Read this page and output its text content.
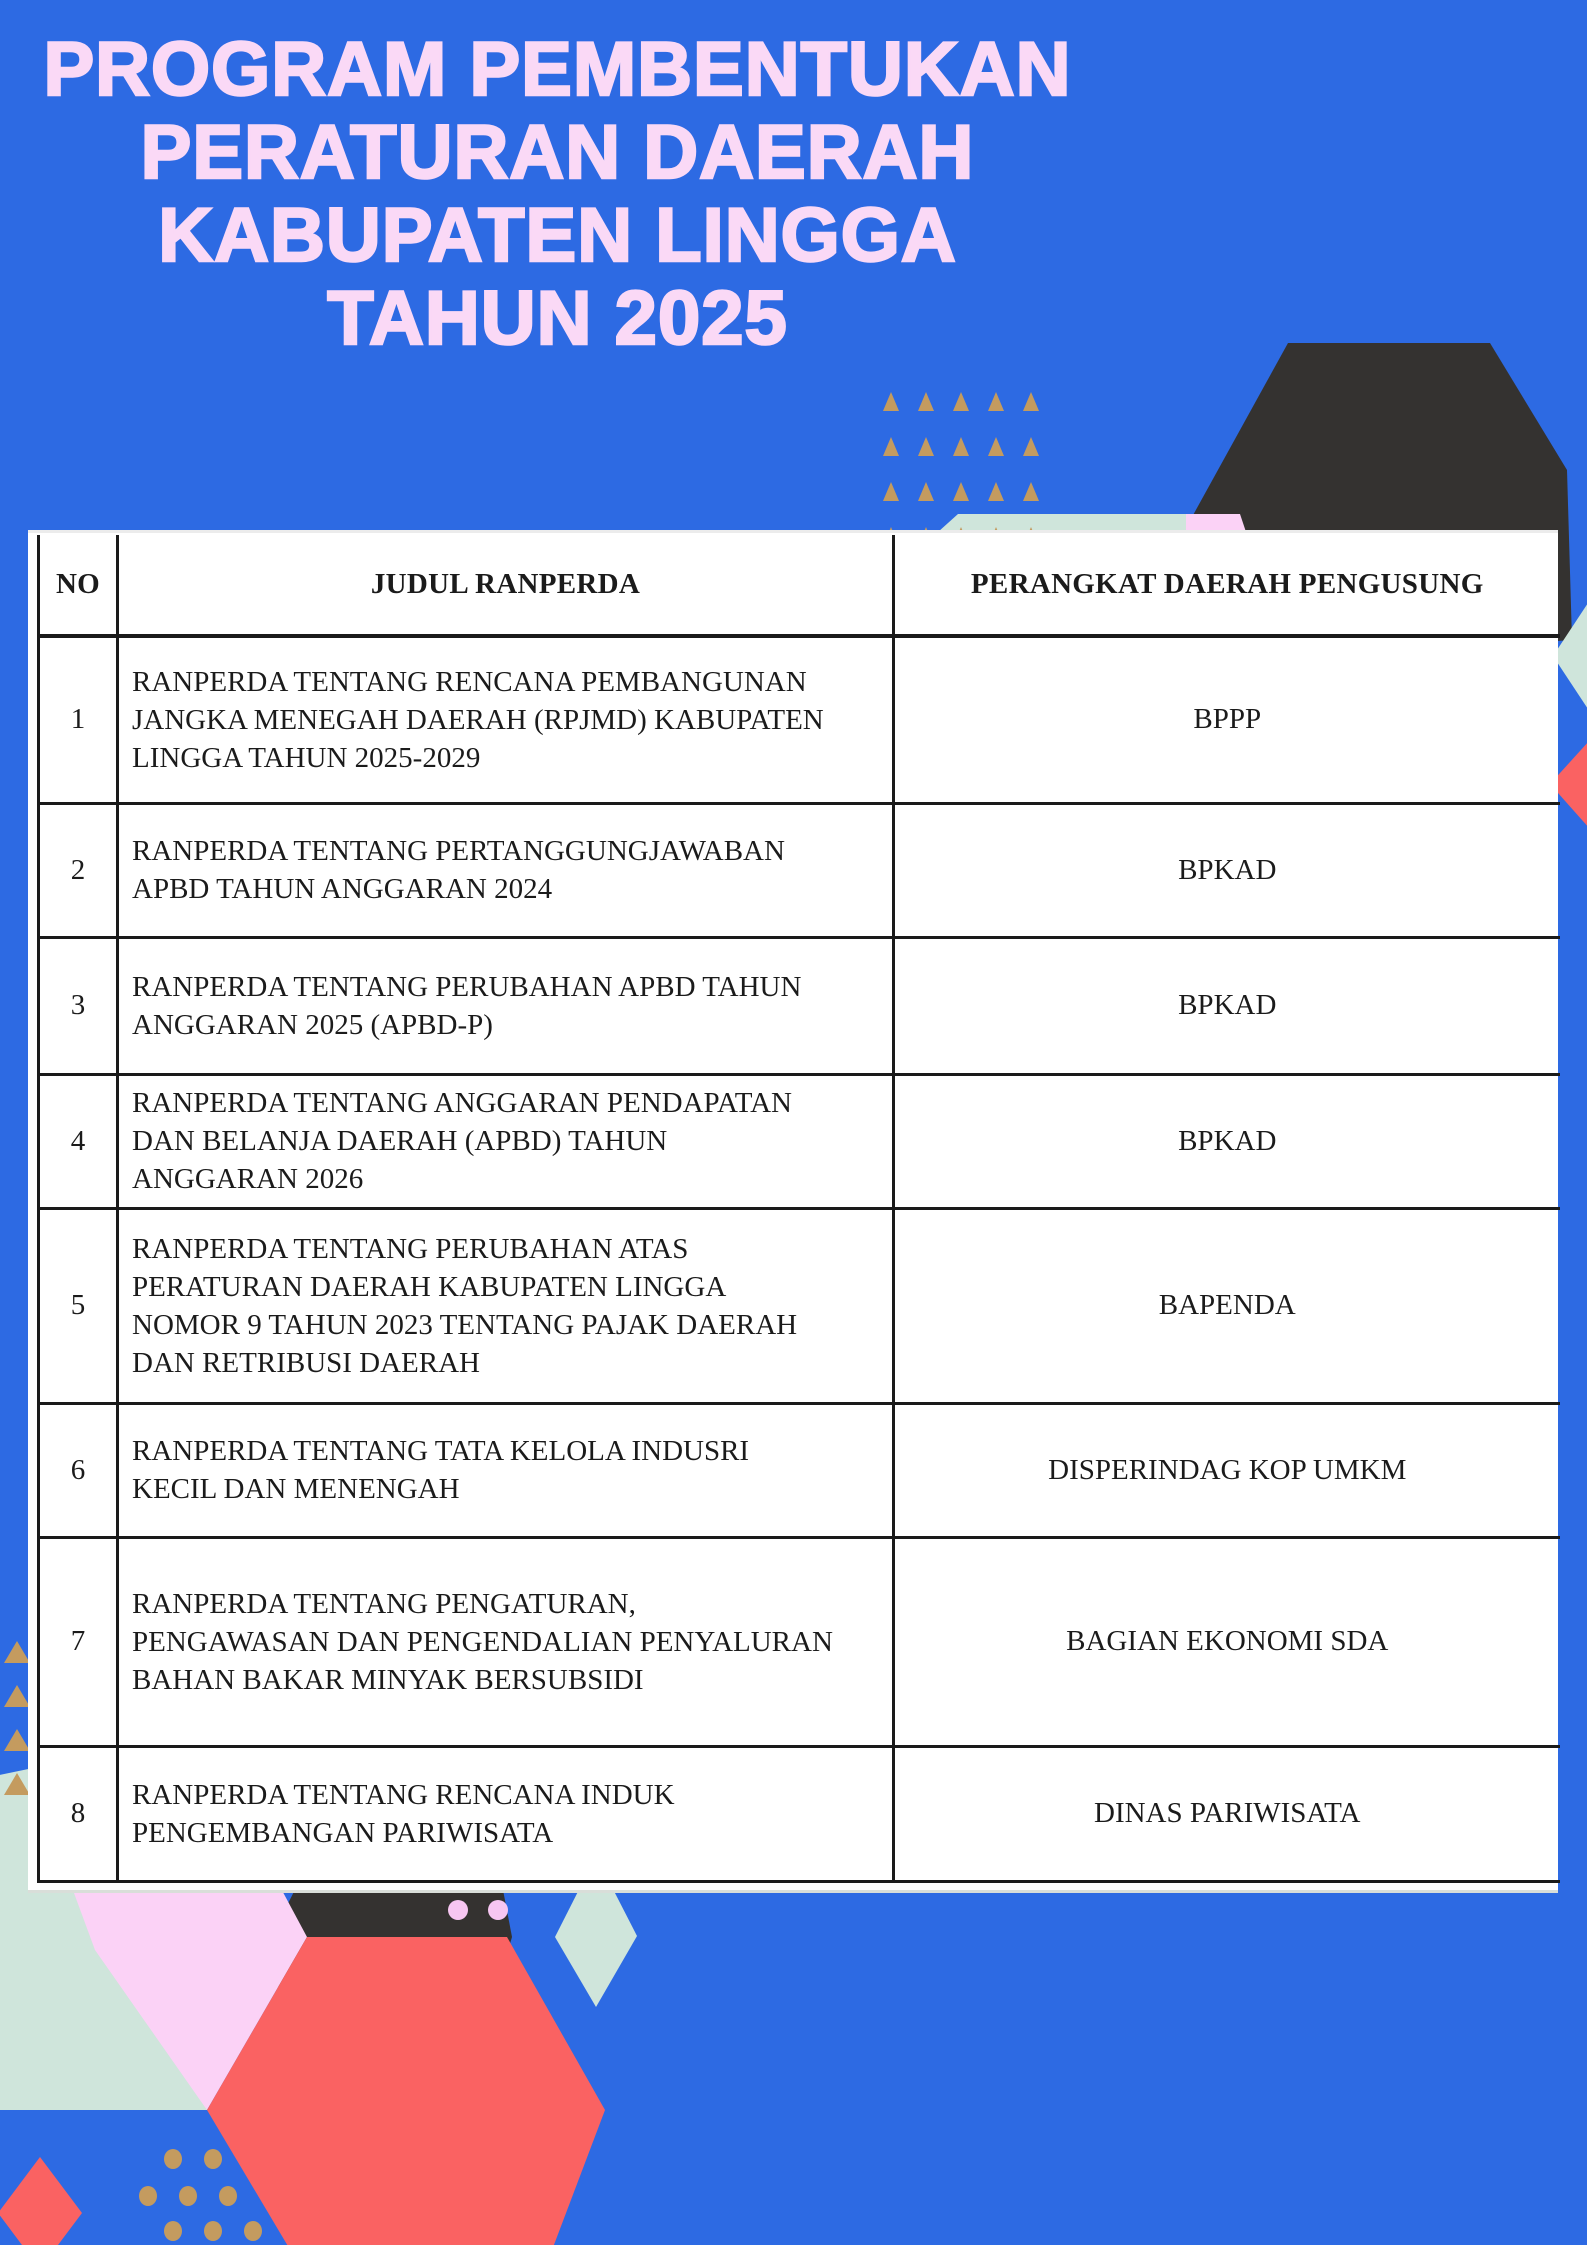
PROGRAM PEMBENTUKAN
PERATURAN DAERAH
KABUPATEN LINGGA
TAHUN 2025
NO	JUDUL RANPERDA	PERANGKAT DAERAH PENGUSUNG
1	RANPERDA TENTANG RENCANA PEMBANGUNAN JANGKA MENEGAH DAERAH (RPJMD) KABUPATEN LINGGA TAHUN 2025-2029	BPPP
2	RANPERDA TENTANG PERTANGGUNGJAWABAN APBD TAHUN ANGGARAN 2024	BPKAD
3	RANPERDA TENTANG PERUBAHAN APBD TAHUN ANGGARAN 2025 (APBD-P)	BPKAD
4	RANPERDA TENTANG ANGGARAN PENDAPATAN DAN BELANJA DAERAH (APBD) TAHUN ANGGARAN 2026	BPKAD
5	RANPERDA TENTANG PERUBAHAN ATAS PERATURAN DAERAH KABUPATEN LINGGA NOMOR 9 TAHUN 2023 TENTANG PAJAK DAERAH DAN RETRIBUSI DAERAH	BAPENDA
6	RANPERDA TENTANG TATA KELOLA INDUSRI KECIL DAN MENENGAH	DISPERINDAG KOP UMKM
7	RANPERDA TENTANG PENGATURAN, PENGAWASAN DAN PENGENDALIAN PENYALURAN BAHAN BAKAR MINYAK BERSUBSIDI	BAGIAN EKONOMI SDA
8	RANPERDA TENTANG RENCANA INDUK PENGEMBANGAN PARIWISATA	DINAS PARIWISATA
